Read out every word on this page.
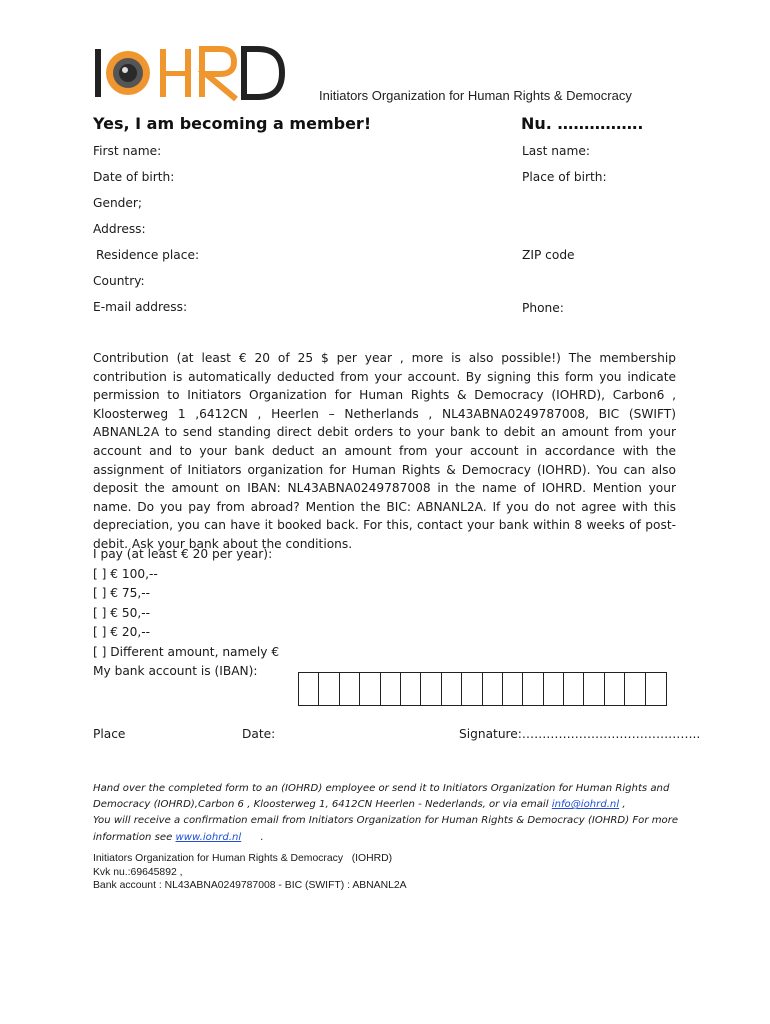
Initiators Organization for Human Rights & Democracy
Yes, I am becoming a member!	Nu. …………….
First name:	Last name:
Date of birth:	Place of birth:
Gender;
Address:
Residence place:	ZIP code
Country:
E-mail address:	Phone:
Contribution (at least € 20 of 25 $ per year , more is also possible!) The membership contribution is automatically deducted from your account. By signing this form you indicate permission to Initiators Organization for Human Rights & Democracy (IOHRD), Carbon6 , Kloosterweg 1 ,6412CN , Heerlen – Netherlands , NL43ABNA0249787008, BIC (SWIFT) ABNANL2A to send standing direct debit orders to your bank to debit an amount from your account and to your bank deduct an amount from your account in accordance with the assignment of Initiators organization for Human Rights & Democracy (IOHRD). You can also deposit the amount on IBAN: NL43ABNA0249787008 in the name of IOHRD. Mention your name. Do you pay from abroad? Mention the BIC: ABNANL2A. If you do not agree with this depreciation, you can have it booked back. For this, contact your bank within 8 weeks of post-debit. Ask your bank about the conditions.
I pay (at least € 20 per year):
[ ] € 100,--
[ ] € 75,--
[ ] € 50,--
[ ] € 20,--
[ ] Different amount, namely €
My bank account is (IBAN):
Place	Date:	Signature:……………………………………..
Hand over the completed form to an (IOHRD) employee or send it to Initiators Organization for Human Rights and
Democracy (IOHRD),Carbon 6 , Kloosterweg 1, 6412CN Heerlen - Nederlands, or via email info@iohrd.nl ,
You will receive a confirmation email from Initiators Organization for Human Rights & Democracy (IOHRD) For more
information see www.iohrd.nl      .
Initiators Organization for Human Rights & Democracy   (IOHRD)
Kvk nu.:69645892 ,
Bank account : NL43ABNA0249787008 - BIC (SWIFT) : ABNANL2A
